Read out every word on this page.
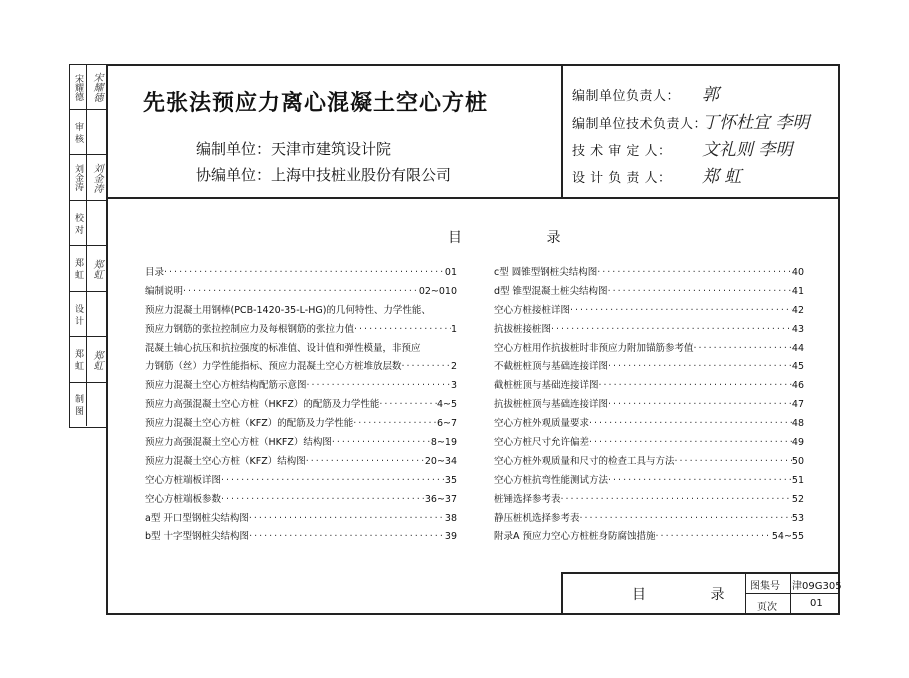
宋耀德 宋耀德
审 核
刘金涛 刘金涛
校 对
郑 虹 郑虹
设 计
郑 虹 郑虹
制 图
先张法预应力离心混凝土空心方桩
编制单位：天津市建筑设计院
协编单位：上海中技桩业股份有限公司
编制单位负责人： 郭
编制单位技术负责人：丁怀杜宜 李明
技 术 审 定 人： 文礼则 李明
设 计 负 责 人： 郑 虹
目 录
目录 ·····	01
编制说明 ·····	02~010
预应力混凝土用钢棒(PCB-1420-35-L-HG)的几何特性、力学性能、
预应力钢筋的张拉控制应力及每根钢筋的张拉力值 ·····	1
混凝土轴心抗压和抗拉强度的标准值、设计值和弹性模量，非预应
力钢筋（丝）力学性能指标、预应力混凝土空心方桩堆放层数 ·····	2
预应力混凝土空心方桩结构配筋示意图 ·····	3
预应力高强混凝土空心方桩（HKFZ）的配筋及力学性能 ·····	4~5
预应力混凝土空心方桩（KFZ）的配筋及力学性能 ·····	6~7
预应力高强混凝土空心方桩（HKFZ）结构图 ·····	8~19
预应力混凝土空心方桩（KFZ）结构图 ·····	20~34
空心方桩端板详图 ·····	35
空心方桩端板参数 ·····	36~37
a型 开口型钢桩尖结构图 ·····	38
b型 十字型钢桩尖结构图 ·····	39
c型 圆锥型钢桩尖结构图 ·····	40
d型 锥型混凝土桩尖结构图 ·····	41
空心方桩接桩详图 ·····	42
抗拔桩接桩图 ·····	43
空心方桩用作抗拔桩时非预应力附加锚筋参考值 ·····	44
不截桩桩顶与基础连接详图 ·····	45
截桩桩顶与基础连接详图 ·····	46
抗拔桩桩顶与基础连接详图 ·····	47
空心方桩外观质量要求 ·····	48
空心方桩尺寸允许偏差 ·····	49
空心方桩外观质量和尺寸的检查工具与方法 ·····	50
空心方桩抗弯性能测试方法 ·····	51
桩锤选择参考表 ·····	52
静压桩机选择参考表 ·····	53
附录A 预应力空心方桩桩身防腐蚀措施 ·····	54~55
目 录
图集号 津09G305
页次	01
